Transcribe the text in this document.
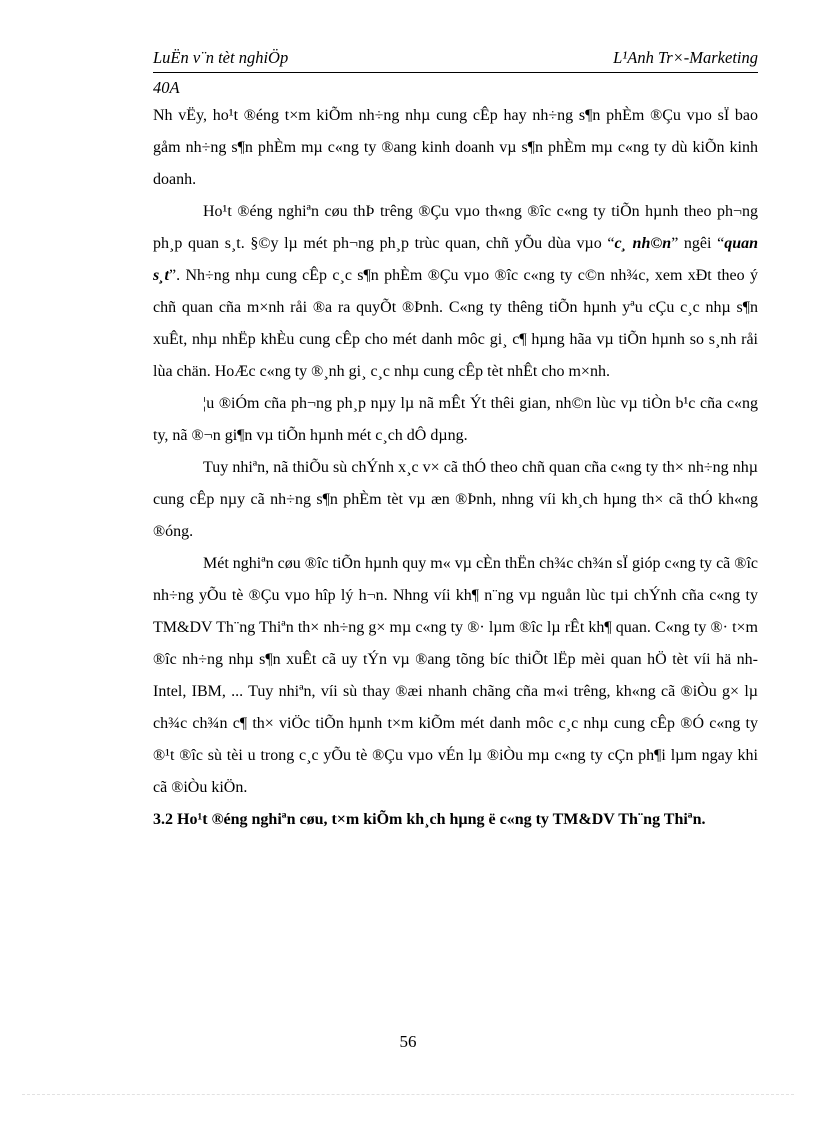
LuËn v¨n tèt nghiÖp	L¹Anh Tr×-Marketing
40A

Nh vËy, ho¹t ®éng t×m kiÕm nh÷ng nhµ cung cÊp hay nh÷ng s¶n phÈm ®Çu vµo sÏ bao gåm nh÷ng s¶n phÈm mµ c«ng ty ®ang kinh doanh vµ s¶n phÈm mµ c«ng ty dù kiÕn kinh doanh.

Ho¹t ®éng nghiªn cøu thÞ trêng ®Çu vµo th«ng ®îc c«ng ty tiÕn hµnh theo ph¬ng ph¸p quan s¸t. §©y lµ mét ph¬ng ph¸p trùc quan, chñ yÕu dùa vµo “c¸ nh©n” ngêi “quan s¸t”. Nh÷ng nhµ cung cÊp c¸c s¶n phÈm ®Çu vµo ®îc c«ng ty c©n nh¾c, xem xÐt theo ý chñ quan cña m×nh råi ®a ra quyÕt ®Þnh. C«ng ty thêng tiÕn hµnh yªu cÇu c¸c nhµ s¶n xuÊt, nhµ nhËp khÈu cung cÊp cho mét danh môc gi¸ c¶ hµng hãa vµ tiÕn hµnh so s¸nh råi lùa chän. HoÆc c«ng ty ®¸nh gi¸ c¸c nhµ cung cÊp tèt nhÊt cho m×nh.

¦u ®iÓm cña ph¬ng ph¸p nµy lµ nã mÊt Ýt thêi gian, nh©n lùc vµ tiÒn b¹c cña c«ng ty, nã ®¬n gi¶n vµ tiÕn hµnh mét c¸ch dÔ dµng.

Tuy nhiªn, nã thiÕu sù chÝnh x¸c v× cã thÓ theo chñ quan cña c«ng ty th× nh÷ng nhµ cung cÊp nµy cã nh÷ng s¶n phÈm tèt vµ æn ®Þnh, nhng víi kh¸ch hµng th× cã thÓ kh«ng ®óng.

Mét nghiªn cøu ®îc tiÕn hµnh quy m« vµ cÈn thËn ch¾c ch¾n sÏ gióp c«ng ty cã ®îc nh÷ng yÕu tè ®Çu vµo hîp lý h¬n. Nhng víi kh¶ n¨ng vµ nguån lùc tµi chÝnh cña c«ng ty TM&DV Th¨ng Thiªn th× nh÷ng g× mµ c«ng ty ®· lµm ®îc lµ rÊt kh¶ quan. C«ng ty ®· t×m ®îc nh÷ng nhµ s¶n xuÊt cã uy tÝn vµ ®ang tõng bíc thiÕt lËp mèi quan hÖ tèt víi hä nh Intel, IBM, ... Tuy nhiªn, víi sù thay ®æi nhanh chãng cña m«i trêng, kh«ng cã ®iÒu g× lµ ch¾c ch¾n c¶ th× viÖc tiÕn hµnh t×m kiÕm mét danh môc c¸c nhµ cung cÊp ®Ó c«ng ty ®¹t ®îc sù tèi u trong c¸c yÕu tè ®Çu vµo vÉn lµ ®iÒu mµ c«ng ty cÇn ph¶i lµm ngay khi cã ®iÒu kiÖn.

3.2 Ho¹t ®éng nghiªn cøu, t×m kiÕm kh¸ch hµng ë c«ng ty TM&DV Th¨ng Thiªn.

56
